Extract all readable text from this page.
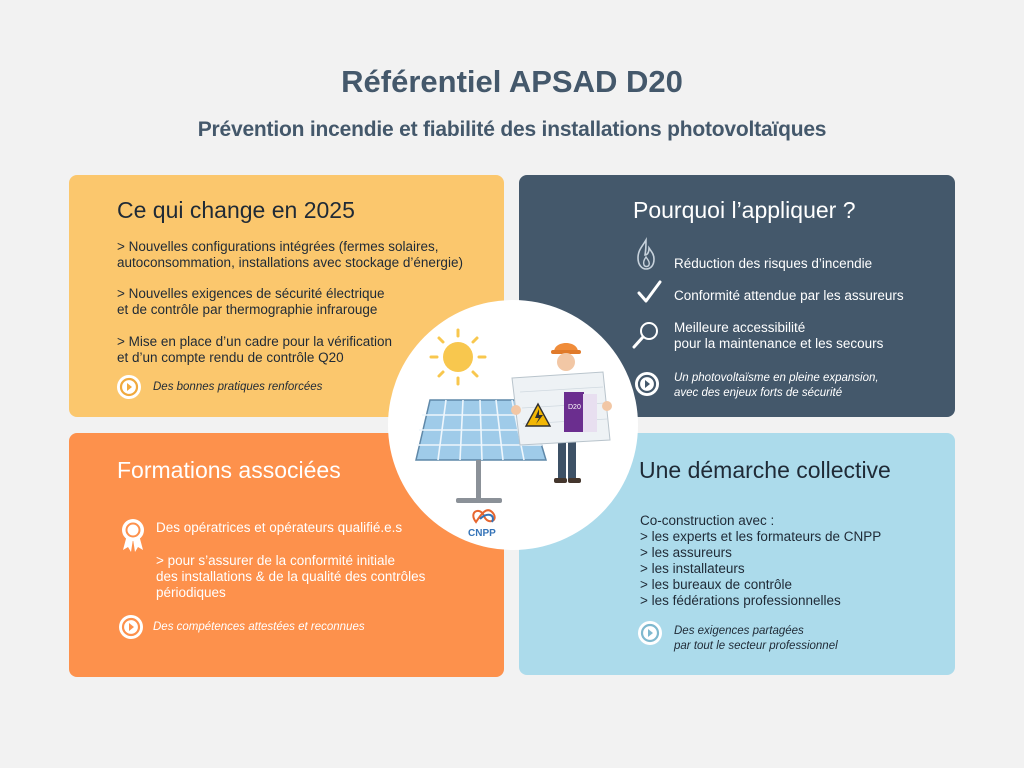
Référentiel APSAD D20
Prévention incendie et fiabilité des installations photovoltaïques
Ce qui change en 2025
> Nouvelles configurations intégrées (fermes solaires,
autoconsommation, installations avec stockage d’énergie)
> Nouvelles exigences de sécurité électrique
et de contrôle par thermographie infrarouge
> Mise en place d’un cadre pour la vérification
et d’un compte rendu de contrôle Q20
Des bonnes pratiques renforcées
Pourquoi l’appliquer ?
Réduction des risques d’incendie
Conformité attendue par les assureurs
Meilleure accessibilité
pour la maintenance et les secours
Un photovoltaïsme en pleine expansion,
avec des enjeux forts de sécurité
Formations associées
Des opératrices et opérateurs qualifié.e.s
> pour s’assurer de la conformité initiale
des installations & de la qualité des contrôles
périodiques
Des compétences attestées et reconnues
Une démarche collective
Co-construction avec :
> les experts et les formateurs de CNPP
> les assureurs
> les installateurs
> les bureaux de contrôle
> les fédérations professionnelles
Des exigences partagées
par tout le secteur professionnel
D20
CNPP
